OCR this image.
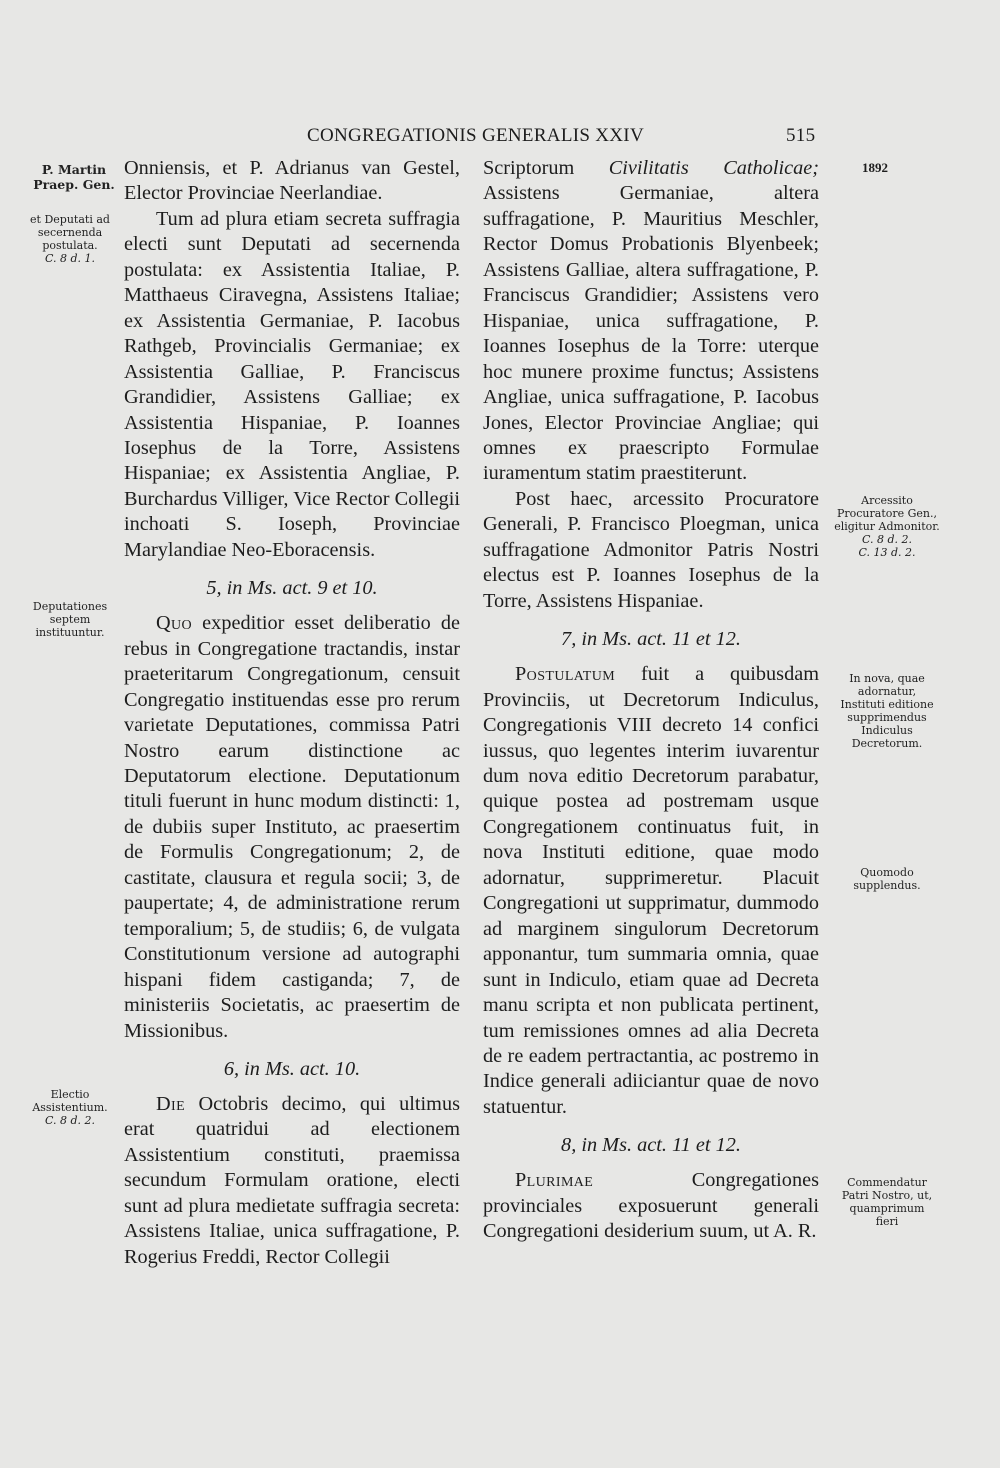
CONGREGATIONIS GENERALIS XXIV	515
P. Martin
Praep. Gen.
et Deputati ad secernenda postulata.
C. 8 d. 1.
Deputationes septem instituuntur.
Electio Assistentium.
C. 8 d. 2.
1892
Arcessito Procuratore Gen., eligitur Admonitor.
C. 8 d. 2.
C. 13 d. 2.
In nova, quae adornatur, Instituti editione supprimendus Indiculus Decretorum.
Quomodo supplendus.
Commendatur Patri Nostro, ut, quamprimum fieri

Onniensis, et P. Adrianus van Gestel, Elector Provinciae Neerlandiae.

Tum ad plura etiam secreta suffragia electi sunt Deputati ad secernenda postulata: ex Assistentia Italiae, P. Matthaeus Ciravegna, Assistens Italiae; ex Assistentia Germaniae, P. Iacobus Rathgeb, Provincialis Germaniae; ex Assistentia Galliae, P. Franciscus Grandidier, Assistens Galliae; ex Assistentia Hispaniae, P. Ioannes Iosephus de la Torre, Assistens Hispaniae; ex Assistentia Angliae, P. Burchardus Villiger, Vice Rector Collegii inchoati S. Ioseph, Provinciae Marylandiae Neo-Eboracensis.

5, in Ms. act. 9 et 10.

Quo expeditior esset deliberatio de rebus in Congregatione tractandis, instar praeteritarum Congregationum, censuit Congregatio instituendas esse pro rerum varietate Deputationes, commissa Patri Nostro earum distinctione ac Deputatorum electione. Deputationum tituli fuerunt in hunc modum distincti: 1, de dubiis super Instituto, ac praesertim de Formulis Congregationum; 2, de castitate, clausura et regula socii; 3, de paupertate; 4, de administratione rerum temporalium; 5, de studiis; 6, de vulgata Constitutionum versione ad autographi hispani fidem castiganda; 7, de ministeriis Societatis, ac praesertim de Missionibus.

6, in Ms. act. 10.

Die Octobris decimo, qui ultimus erat quatridui ad electionem Assistentium constituti, praemissa secundum Formulam oratione, electi sunt ad plura medietate suffragia secreta: Assistens Italiae, unica suffragatione, P. Rogerius Freddi, Rector Collegii

Scriptorum Civilitatis Catholicae; Assistens Germaniae, altera suffragatione, P. Mauritius Meschler, Rector Domus Probationis Blyenbeek; Assistens Galliae, altera suffragatione, P. Franciscus Grandidier; Assistens vero Hispaniae, unica suffragatione, P. Ioannes Iosephus de la Torre: uterque hoc munere proxime functus; Assistens Angliae, unica suffragatione, P. Iacobus Jones, Elector Provinciae Angliae; qui omnes ex praescripto Formulae iuramentum statim praestiterunt.

Post haec, arcessito Procuratore Generali, P. Francisco Ploegman, unica suffragatione Admonitor Patris Nostri electus est P. Ioannes Iosephus de la Torre, Assistens Hispaniae.

7, in Ms. act. 11 et 12.

Postulatum fuit a quibusdam Provinciis, ut Decretorum Indiculus, Congregationis VIII decreto 14 confici iussus, quo legentes interim iuvarentur dum nova editio Decretorum parabatur, quique postea ad postremam usque Congregationem continuatus fuit, in nova Instituti editione, quae modo adornatur, supprimeretur. Placuit Congregationi ut supprimatur, dummodo ad marginem singulorum Decretorum apponantur, tum summaria omnia, quae sunt in Indiculo, etiam quae ad Decreta manu scripta et non publicata pertinent, tum remissiones omnes ad alia Decreta de re eadem pertractantia, ac postremo in Indice generali adiiciantur quae de novo statuentur.

8, in Ms. act. 11 et 12.

Plurimae Congregationes provinciales exposuerunt generali Congregationi desiderium suum, ut A. R.
